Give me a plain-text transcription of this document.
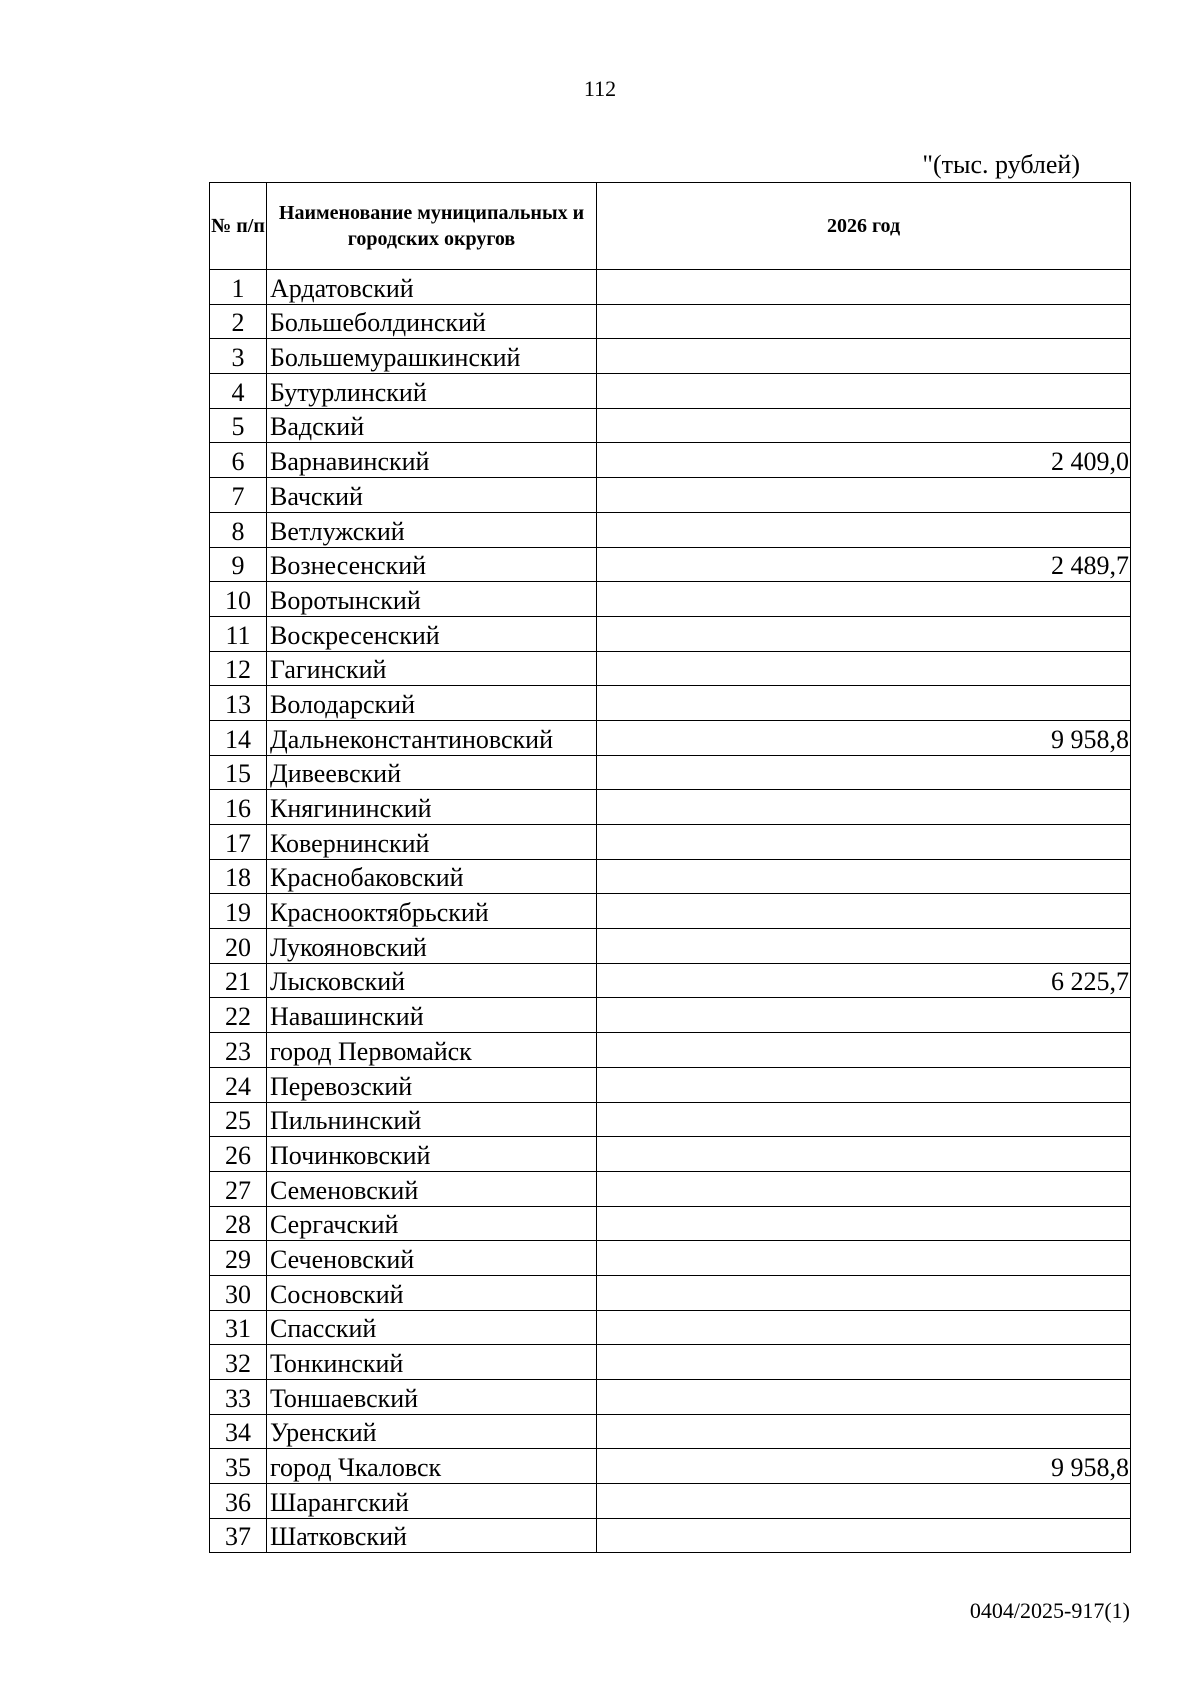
112
"(тыс. рублей)
№ п/п	Наименование муниципальных и городских округов	2026 год
1	Ардатовский	
2	Большеболдинский	
3	Большемурашкинский	
4	Бутурлинский	
5	Вадский	
6	Варнавинский	2 409,0
7	Вачский	
8	Ветлужский	
9	Вознесенский	2 489,7
10	Воротынский	
11	Воскресенский	
12	Гагинский	
13	Володарский	
14	Дальнеконстантиновский	9 958,8
15	Дивеевский	
16	Княгининский	
17	Ковернинский	
18	Краснобаковский	
19	Краснооктябрьский	
20	Лукояновский	
21	Лысковский	6 225,7
22	Навашинский	
23	город Первомайск	
24	Перевозский	
25	Пильнинский	
26	Починковский	
27	Семеновский	
28	Сергачский	
29	Сеченовский	
30	Сосновский	
31	Спасский	
32	Тонкинский	
33	Тоншаевский	
34	Уренский	
35	город Чкаловск	9 958,8
36	Шарангский	
37	Шатковский	
0404/2025-917(1)
